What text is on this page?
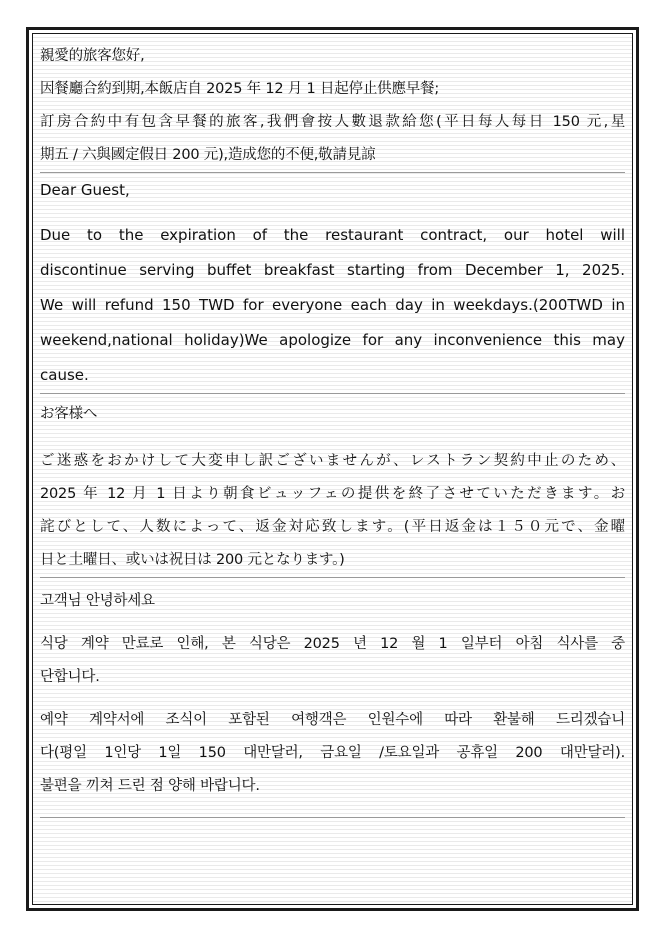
親愛的旅客您好,
因餐廳合約到期,本飯店自 2025 年 12 月 1 日起停止供應早餐;
訂房合約中有包含早餐的旅客,我們會按人數退款給您(平日每人每日 150 元,星
期五 / 六與國定假日 200 元),造成您的不便,敬請見諒
Dear Guest,
Due to the expiration of the restaurant contract, our hotel will
discontinue serving buffet breakfast starting from December 1, 2025.
We will refund 150 TWD for everyone each day in weekdays.(200TWD in
weekend,national holiday)We apologize for any inconvenience this may
cause.
お客様へ
ご迷惑をおかけして大変申し訳ございませんが、レストラン契約中止のため、
2025 年 12 月 1 日より朝食ビュッフェの提供を終了させていただきます。お
詫びとして、人数によって、返金対応致します。(平日返金は１５０元で、金曜
日と土曜日、或いは祝日は 200 元となります。)
고객님 안녕하세요
식당 계약 만료로 인해, 본 식당은 2025 년 12 월 1 일부터 아침 식사를 중
단합니다.
예약 계약서에 조식이 포함된 여행객은 인원수에 따라 환불해 드리겠습니
다(평일 1인당 1일 150 대만달러, 금요일 /토요일과 공휴일 200 대만달러).
불편을 끼쳐 드린 점 양해 바랍니다.
